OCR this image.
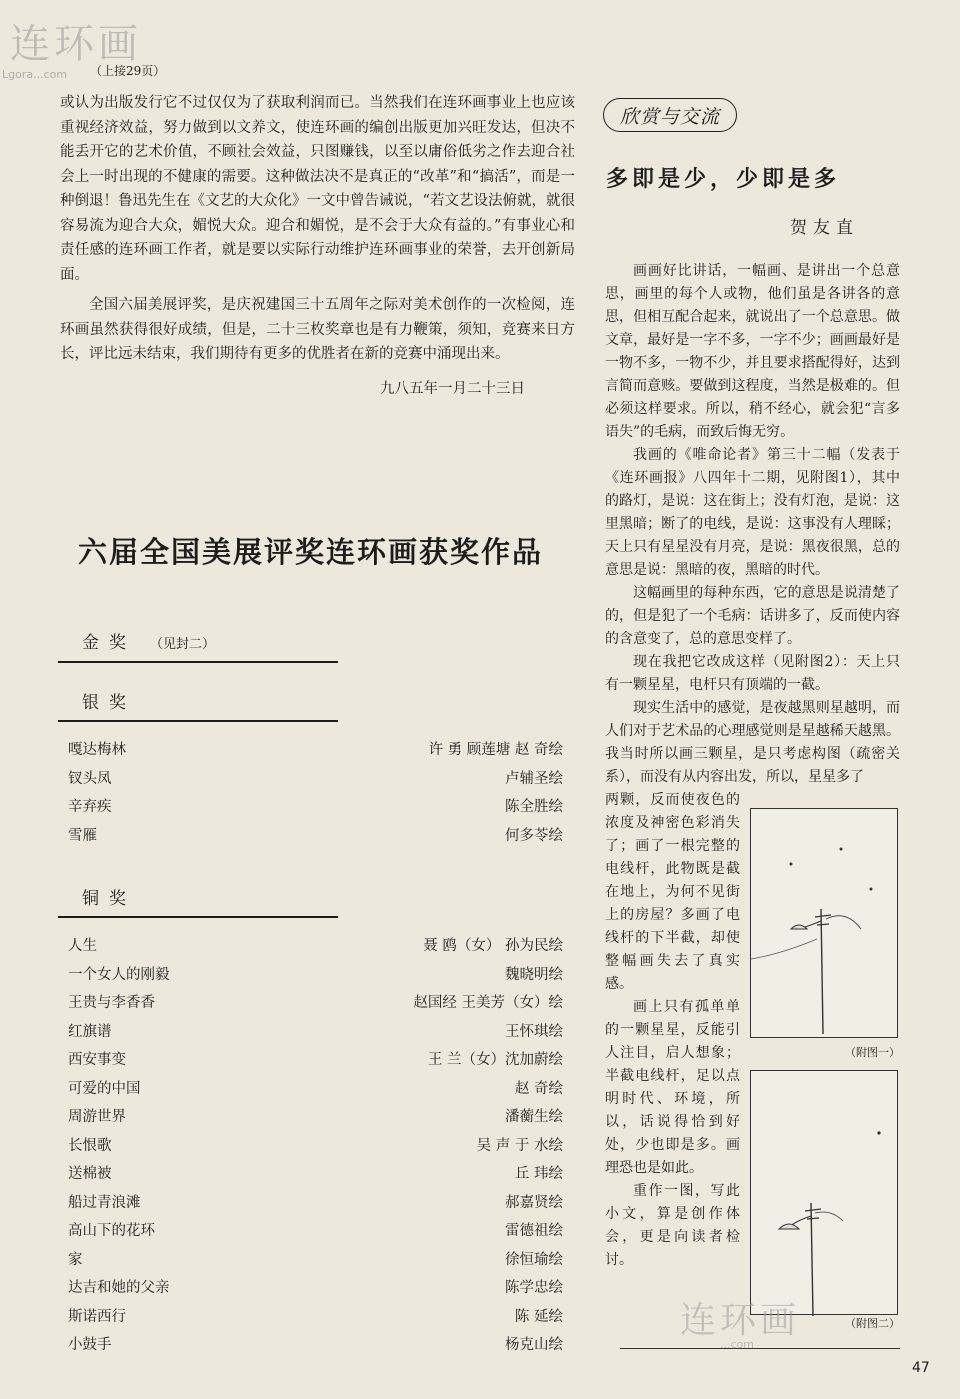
连环画
Lgora...com （上接29页）

或认为出版发行它不过仅仅为了获取利润而已。当然我们在连环画事业上也应该重视经济效益，努力做到以文养文，使连环画的编创出版更加兴旺发达，但决不能丢开它的艺术价值，不顾社会效益，只图赚钱，以至以庸俗低劣之作去迎合社会上一时出现的不健康的需要。这种做法决不是真正的“改革”和“搞活”，而是一种倒退！鲁迅先生在《文艺的大众化》一文中曾告诫说，“若文艺设法俯就，就很容易流为迎合大众，媚悦大众。迎合和媚悦，是不会于大众有益的。”有事业心和责任感的连环画工作者，就是要以实际行动维护连环画事业的荣誉，去开创新局面。

全国六届美展评奖，是庆祝建国三十五周年之际对美术创作的一次检阅，连环画虽然获得很好成绩，但是，二十三枚奖章也是有力鞭策，须知，竞赛来日方长，评比远未结束，我们期待有更多的优胜者在新的竞赛中涌现出来。

九八五年一月二十三日
六届全国美展评奖连环画获奖作品
金奖 （见封二）
银奖
嘎达梅林	许 勇 顾莲塘 赵 奇绘
钗头凤	卢辅圣绘
辛弃疾	陈全胜绘
雪雁	何多苓绘
铜奖
人生	聂 鸥（女） 孙为民绘
一个女人的刚毅	魏晓明绘
王贵与李香香	赵国经 王美芳（女）绘
红旗谱	王怀琪绘
西安事变	王 兰（女）沈加蔚绘
可爱的中国	赵 奇绘
周游世界	潘蘅生绘
长恨歌	吴 声 于 水绘
送棉被	丘 玮绘
船过青浪滩	郝嘉贤绘
高山下的花环	雷德祖绘
家	徐恒瑜绘
达吉和她的父亲	陈学忠绘
斯诺西行	陈 延绘
小鼓手	杨克山绘
欣赏与交流
多即是少，少即是多
贺友直

画画好比讲话，一幅画、是讲出一个总意思，画里的每个人或物，他们虽是各讲各的意思，但相互配合起来，就说出了一个总意思。做文章，最好是一字不多，一字不少；画画最好是一物不多，一物不少，并且要求搭配得好，达到言简而意赅。要做到这程度，当然是极难的。但必须这样要求。所以，稍不经心，就会犯“言多语失”的毛病，而致后悔无穷。

我画的《唯命论者》第三十二幅（发表于《连环画报》八四年十二期，见附图1），其中的路灯，是说：这在街上；没有灯泡，是说：这里黑暗；断了的电线，是说：这事没有人理睬；天上只有星星没有月亮，是说：黑夜很黑，总的意思是说：黑暗的夜，黑暗的时代。

这幅画里的每种东西，它的意思是说清楚了的，但是犯了一个毛病：话讲多了，反而使内容的含意变了，总的意思变样了。

现在我把它改成这样（见附图2）：天上只有一颗星星，电杆只有顶端的一截。

现实生活中的感觉，是夜越黑则星越明，而人们对于艺术品的心理感觉则是星越稀天越黑。我当时所以画三颗星，是只考虑构图（疏密关系），而没有从内容出发，所以，星星多了

两颗，反而使夜色的浓度及神密色彩消失了；画了一根完整的电线杆，此物既是截在地上，为何不见街上的房屋？多画了电线杆的下半截，却使整幅画失去了真实感。

画上只有孤单单的一颗星星，反能引人注目，启人想象；半截电线杆，足以点明时代、环境，所以，话说得恰到好处，少也即是多。画理恐也是如此。

重作一图，写此小文，算是创作体会，更是向读者检讨。

（附图一）
（附图二）
47
连环画
...com
